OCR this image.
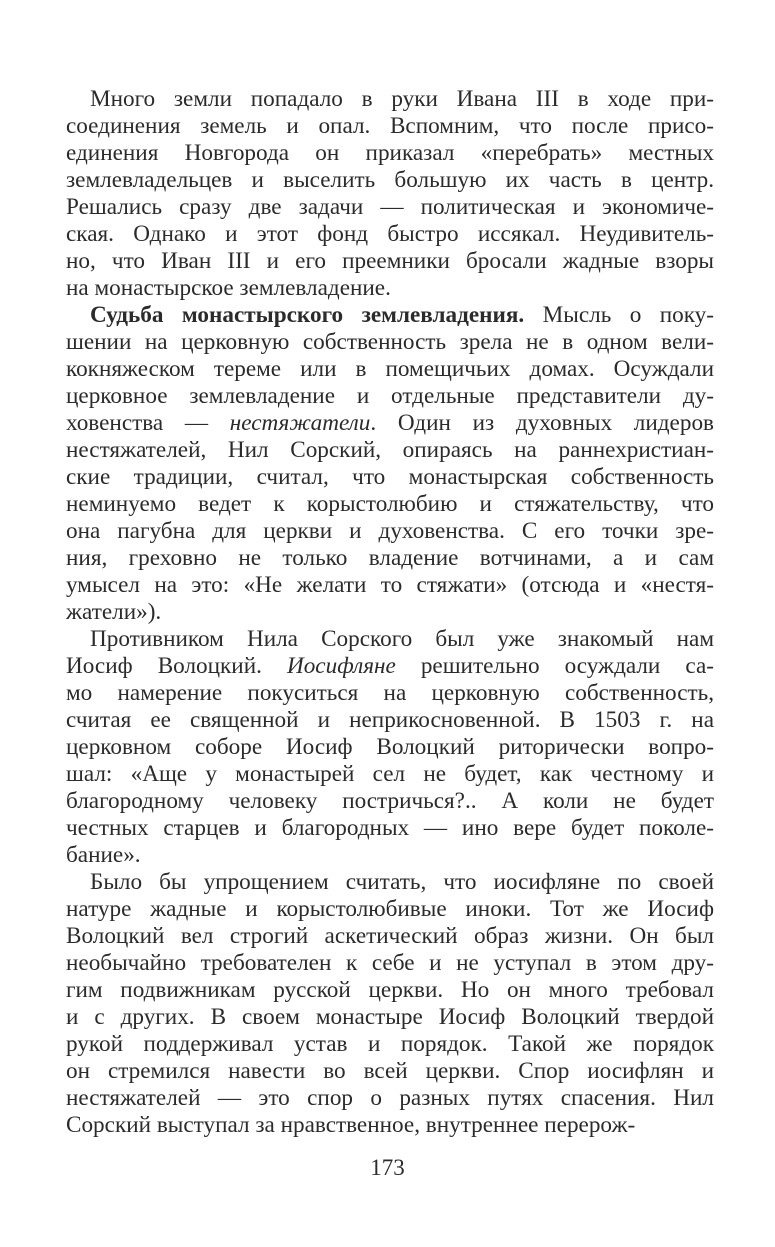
Много земли попадало в руки Ивана III в ходе при-
соединения земель и опал. Вспомним, что после присо-
единения Новгорода он приказал «перебрать» местных
землевладельцев и выселить большую их часть в центр.
Решались сразу две задачи — политическая и экономиче-
ская. Однако и этот фонд быстро иссякал. Неудивитель-
но, что Иван III и его преемники бросали жадные взоры
на монастырское землевладение.
Судьба монастырского землевладения. Мысль о поку-
шении на церковную собственность зрела не в одном вели-
кокняжеском тереме или в помещичьих домах. Осуждали
церковное землевладение и отдельные представители ду-
ховенства — нестяжатели. Один из духовных лидеров
нестяжателей, Нил Сорский, опираясь на раннехристиан-
ские традиции, считал, что монастырская собственность
неминуемо ведет к корыстолюбию и стяжательству, что
она пагубна для церкви и духовенства. С его точки зре-
ния, греховно не только владение вотчинами, а и сам
умысел на это: «Не желати то стяжати» (отсюда и «нестя-
жатели»).
Противником Нила Сорского был уже знакомый нам
Иосиф Волоцкий. Иосифляне решительно осуждали са-
мо намерение покуситься на церковную собственность,
считая ее священной и неприкосновенной. В 1503 г. на
церковном соборе Иосиф Волоцкий риторически вопро-
шал: «Аще у монастырей сел не будет, как честному и
благородному человеку постричься?.. А коли не будет
честных старцев и благородных — ино вере будет поколе-
бание».
Было бы упрощением считать, что иосифляне по своей
натуре жадные и корыстолюбивые иноки. Тот же Иосиф
Волоцкий вел строгий аскетический образ жизни. Он был
необычайно требователен к себе и не уступал в этом дру-
гим подвижникам русской церкви. Но он много требовал
и с других. В своем монастыре Иосиф Волоцкий твердой
рукой поддерживал устав и порядок. Такой же порядок
он стремился навести во всей церкви. Спор иосифлян и
нестяжателей — это спор о разных путях спасения. Нил
Сорский выступал за нравственное, внутреннее перерож-
173
